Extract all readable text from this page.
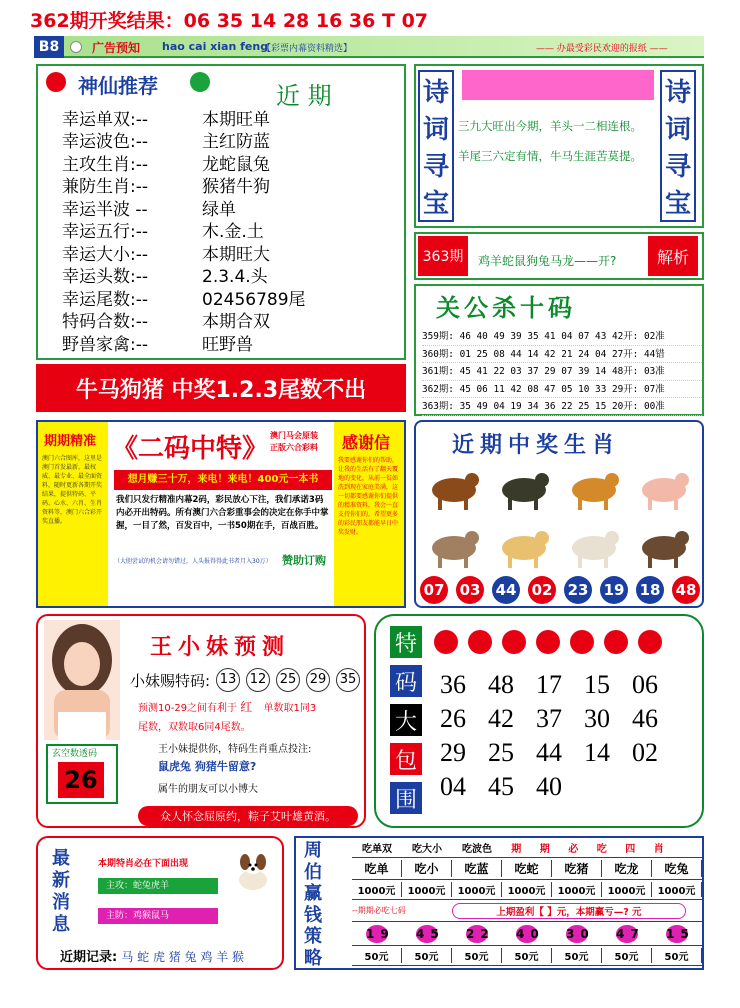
362期开奖结果：06 35 14 28 16 36 T 07
B8	广告预知 hao cai xian feng
【彩票内幕资料精选】	—— 办最受彩民欢迎的报纸 ——
神仙推荐	近 期
幸运单双:--	本期旺单
幸运波色:--	主红防蓝
主攻生肖:--	龙蛇鼠兔
兼防生肖:--	猴猪牛狗
幸运半波 --	绿单
幸运五行:--	木.金.土
幸运大小:--	本期旺大
幸运头数:--	2.3.4.头
幸运尾数:--	02456789尾
特码合数:--	本期合双
野兽家禽:--	旺野兽
牛马狗猪 中奖1.2.3尾数不出
诗
词
寻
宝
诗
词
寻
宝
三九大旺出今期，羊头一二相连根。
羊尾三六定有情，牛马生涯苦莫提。
363期	鸡羊蛇鼠狗兔马龙——开?	解析
关公杀十码
359期: 46 40 49 39 35 41 04 07 43 42开: 02准
360期: 01 25 08 44 14 42 21 24 04 27开: 44错
361期: 45 41 22 03 37 29 07 39 14 48开: 03准
362期: 45 06 11 42 08 47 05 10 33 29开: 07准
363期: 35 49 04 19 34 36 22 25 15 20开: 00准
期期精准
澳门六合图库，这里是澳门首发最新、最权威、最专业、最全面资料，随时更新各期开奖结果，提供特码、平码、心水、六肖、生肖资料等，澳门六合彩开奖直播。
《二码中特》 澳门马会原装 正版六合彩料
想月赚三十万，来电！来电！400元一本书
我们只发行精准内幕2码，彩民放心下注，我们承诺3码内必开出特码。所有澳门六合彩重事会的决定在你手中掌握，一目了然，百发百中，一书50期在手，百战百胜。
（大胆尝试的机会请勿错过，人头报得得此书者月入30万） 赞助订购
感谢信
我要感谢你们的帮助，让我的生活有了翻天覆地的变化，从前一贫如洗到现在家庭美满，这一切都要感谢你们提供的精准资料，我会一直支持你们的，希望更多的彩民朋友都能早日中奖发财。
近期中奖生肖
07 03 44 02 23 19 18 48
王小妹预测
小妹赐特码: 13 12 25 29 35
预测10-29之间有利于 红 单数取1同3
尾数，双数取6同4尾数。
王小妹提供你，特码生肖重点投注:
鼠虎兔 狗猪牛留意?
属牛的朋友可以小博大
玄空数透码
26
众人怀念屈原约，粽子艾叶雄黄酒。
特
码
大
包
围
36 48 17 15 06
26 42 37 30 46
29 25 44 14 02
04 45 40
最
新
消
息
本期特肖必在下面出现
主攻：蛇兔虎羊
主防：鸡猴鼠马
近期记录: 马 蛇 虎 猪 兔 鸡 羊 猴
周
伯
赢
钱
策
略
吃单双	吃大小	吃波色	期	期	必	吃	四	肖
吃单	吃小	吃蓝	吃蛇	吃猪	吃龙	吃兔
1000元	1000元	1000元	1000元	1000元	1000元	1000元
--期期必吃七码	上期盈利【 】元，本期赢亏—? 元
19 45 22 40 30 47 15
50元	50元	50元	50元	50元	50元	50元
